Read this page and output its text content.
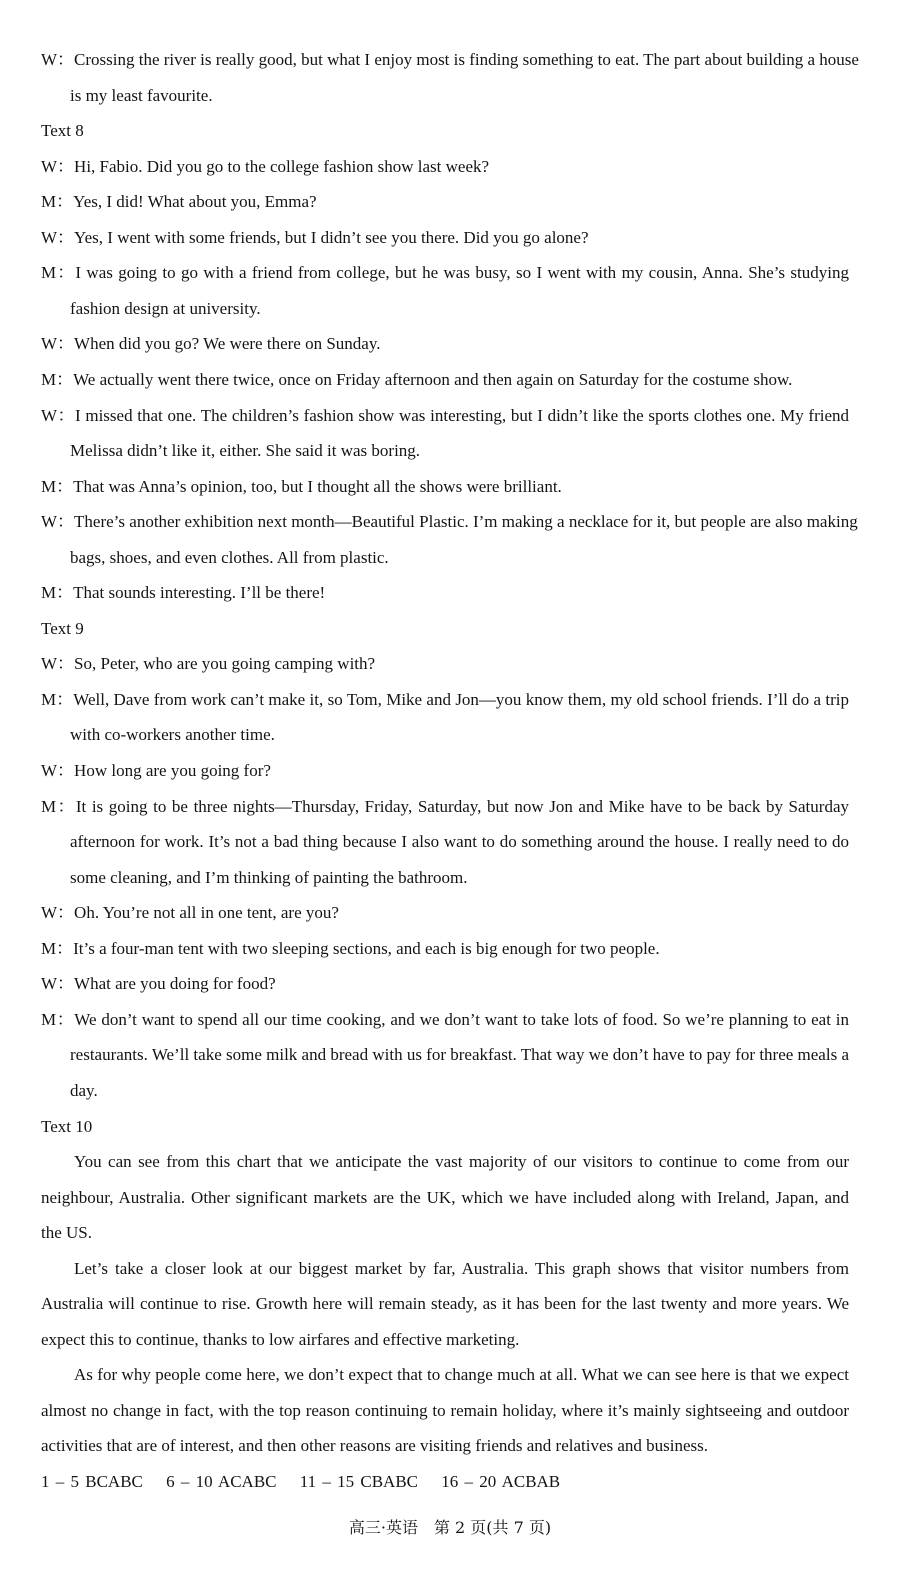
W：Crossing the river is really good, but what I enjoy most is finding something to eat. The part about building a house
is my least favourite.
Text 8
W：Hi, Fabio. Did you go to the college fashion show last week?
M：Yes, I did! What about you, Emma?
W：Yes, I went with some friends, but I didn’t see you there. Did you go alone?
M：I was going to go with a friend from college, but he was busy, so I went with my cousin, Anna. She’s studying
fashion design at university.
W：When did you go? We were there on Sunday.
M：We actually went there twice, once on Friday afternoon and then again on Saturday for the costume show.
W：I missed that one. The children’s fashion show was interesting, but I didn’t like the sports clothes one. My friend
Melissa didn’t like it, either. She said it was boring.
M：That was Anna’s opinion, too, but I thought all the shows were brilliant.
W：There’s another exhibition next month—Beautiful Plastic. I’m making a necklace for it, but people are also making
bags, shoes, and even clothes. All from plastic.
M：That sounds interesting. I’ll be there!
Text 9
W：So, Peter, who are you going camping with?
M：Well, Dave from work can’t make it, so Tom, Mike and Jon—you know them, my old school friends. I’ll do a trip
with co-workers another time.
W：How long are you going for?
M：It is going to be three nights—Thursday, Friday, Saturday, but now Jon and Mike have to be back by Saturday
afternoon for work. It’s not a bad thing because I also want to do something around the house. I really need to do
some cleaning, and I’m thinking of painting the bathroom.
W：Oh. You’re not all in one tent, are you?
M：It’s a four-man tent with two sleeping sections, and each is big enough for two people.
W：What are you doing for food?
M：We don’t want to spend all our time cooking, and we don’t want to take lots of food. So we’re planning to eat in
restaurants. We’ll take some milk and bread with us for breakfast. That way we don’t have to pay for three meals a
day.
Text 10
You can see from this chart that we anticipate the vast majority of our visitors to continue to come from our
neighbour, Australia. Other significant markets are the UK, which we have included along with Ireland, Japan, and
the US.
Let’s take a closer look at our biggest market by far, Australia. This graph shows that visitor numbers from
Australia will continue to rise. Growth here will remain steady, as it has been for the last twenty and more years. We
expect this to continue, thanks to low airfares and effective marketing.
As for why people come here, we don’t expect that to change much at all. What we can see here is that we expect
almost no change in fact, with the top reason continuing to remain holiday, where it’s mainly sightseeing and outdoor
activities that are of interest, and then other reasons are visiting friends and relatives and business.
1 – 5 BCABC  6 – 10 ACABC  11 – 15 CBABC  16 – 20 ACBAB
高三·英语　第 2 页(共 7 页)
